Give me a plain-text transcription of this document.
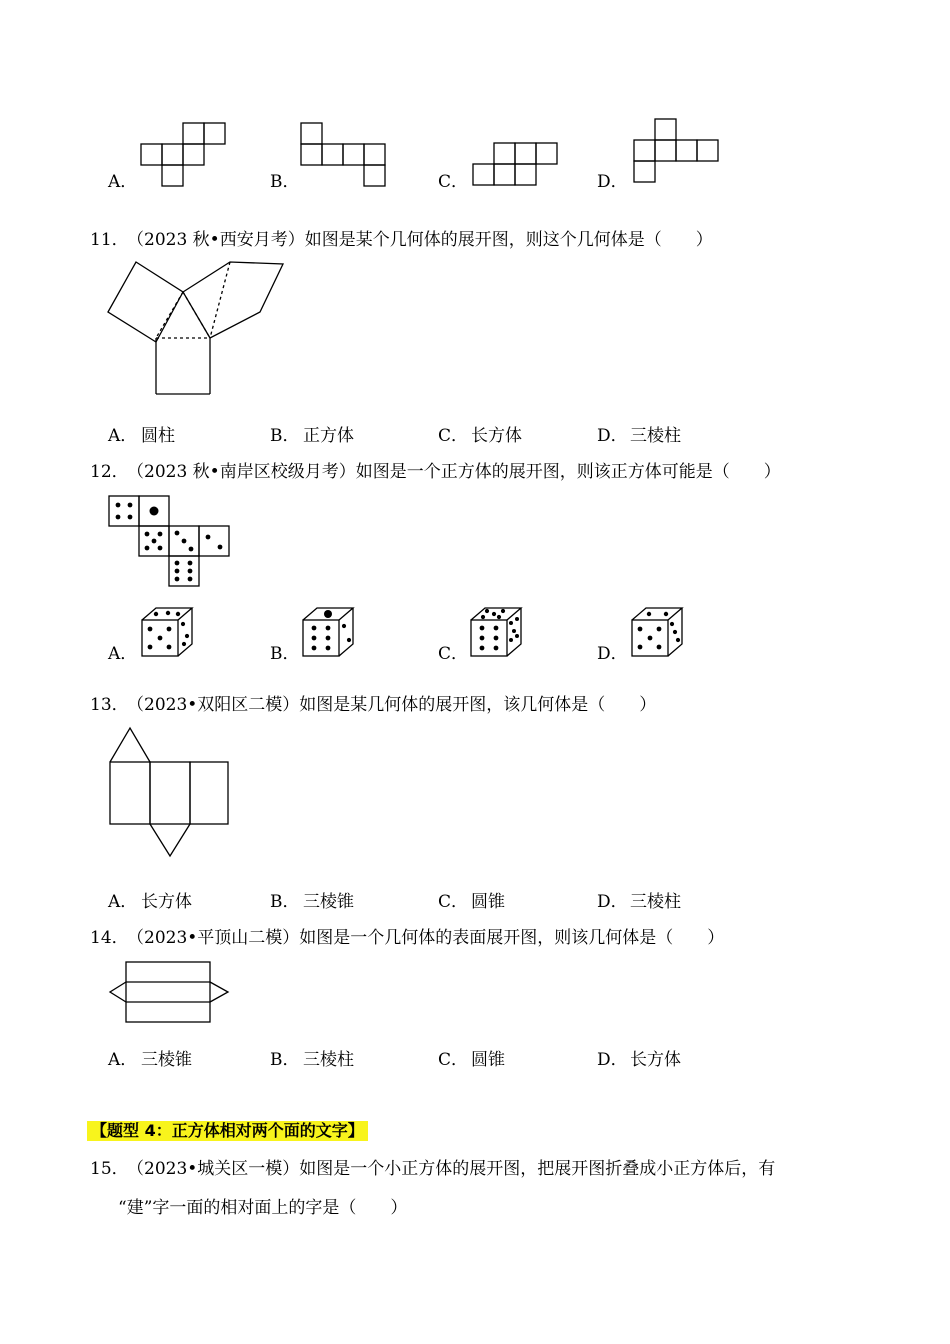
A．	B．	C．	D．
11．
（2023 秋•西安月考）如图是某个几何体的展开图，则这个几何体是（　　）
A． 圆柱	B． 正方体	C． 长方体	D． 三棱柱
12．
（2023 秋•南岸区校级月考）如图是一个正方体的展开图，则该正方体可能是（　　）
A．	B．	C．	D．
13．
（2023•双阳区二模）如图是某几何体的展开图，该几何体是（　　）
A． 长方体	B． 三棱锥	C． 圆锥	D． 三棱柱
14．
（2023•平顶山二模）如图是一个几何体的表面展开图，则该几何体是（　　）
A． 三棱锥	B． 三棱柱	C． 圆锥	D． 长方体
【题型 4：正方体相对两个面的文字】
15．
（2023•城关区一模）如图是一个小正方体的展开图，把展开图折叠成小正方体后，有
“建”字一面的相对面上的字是（　　）
